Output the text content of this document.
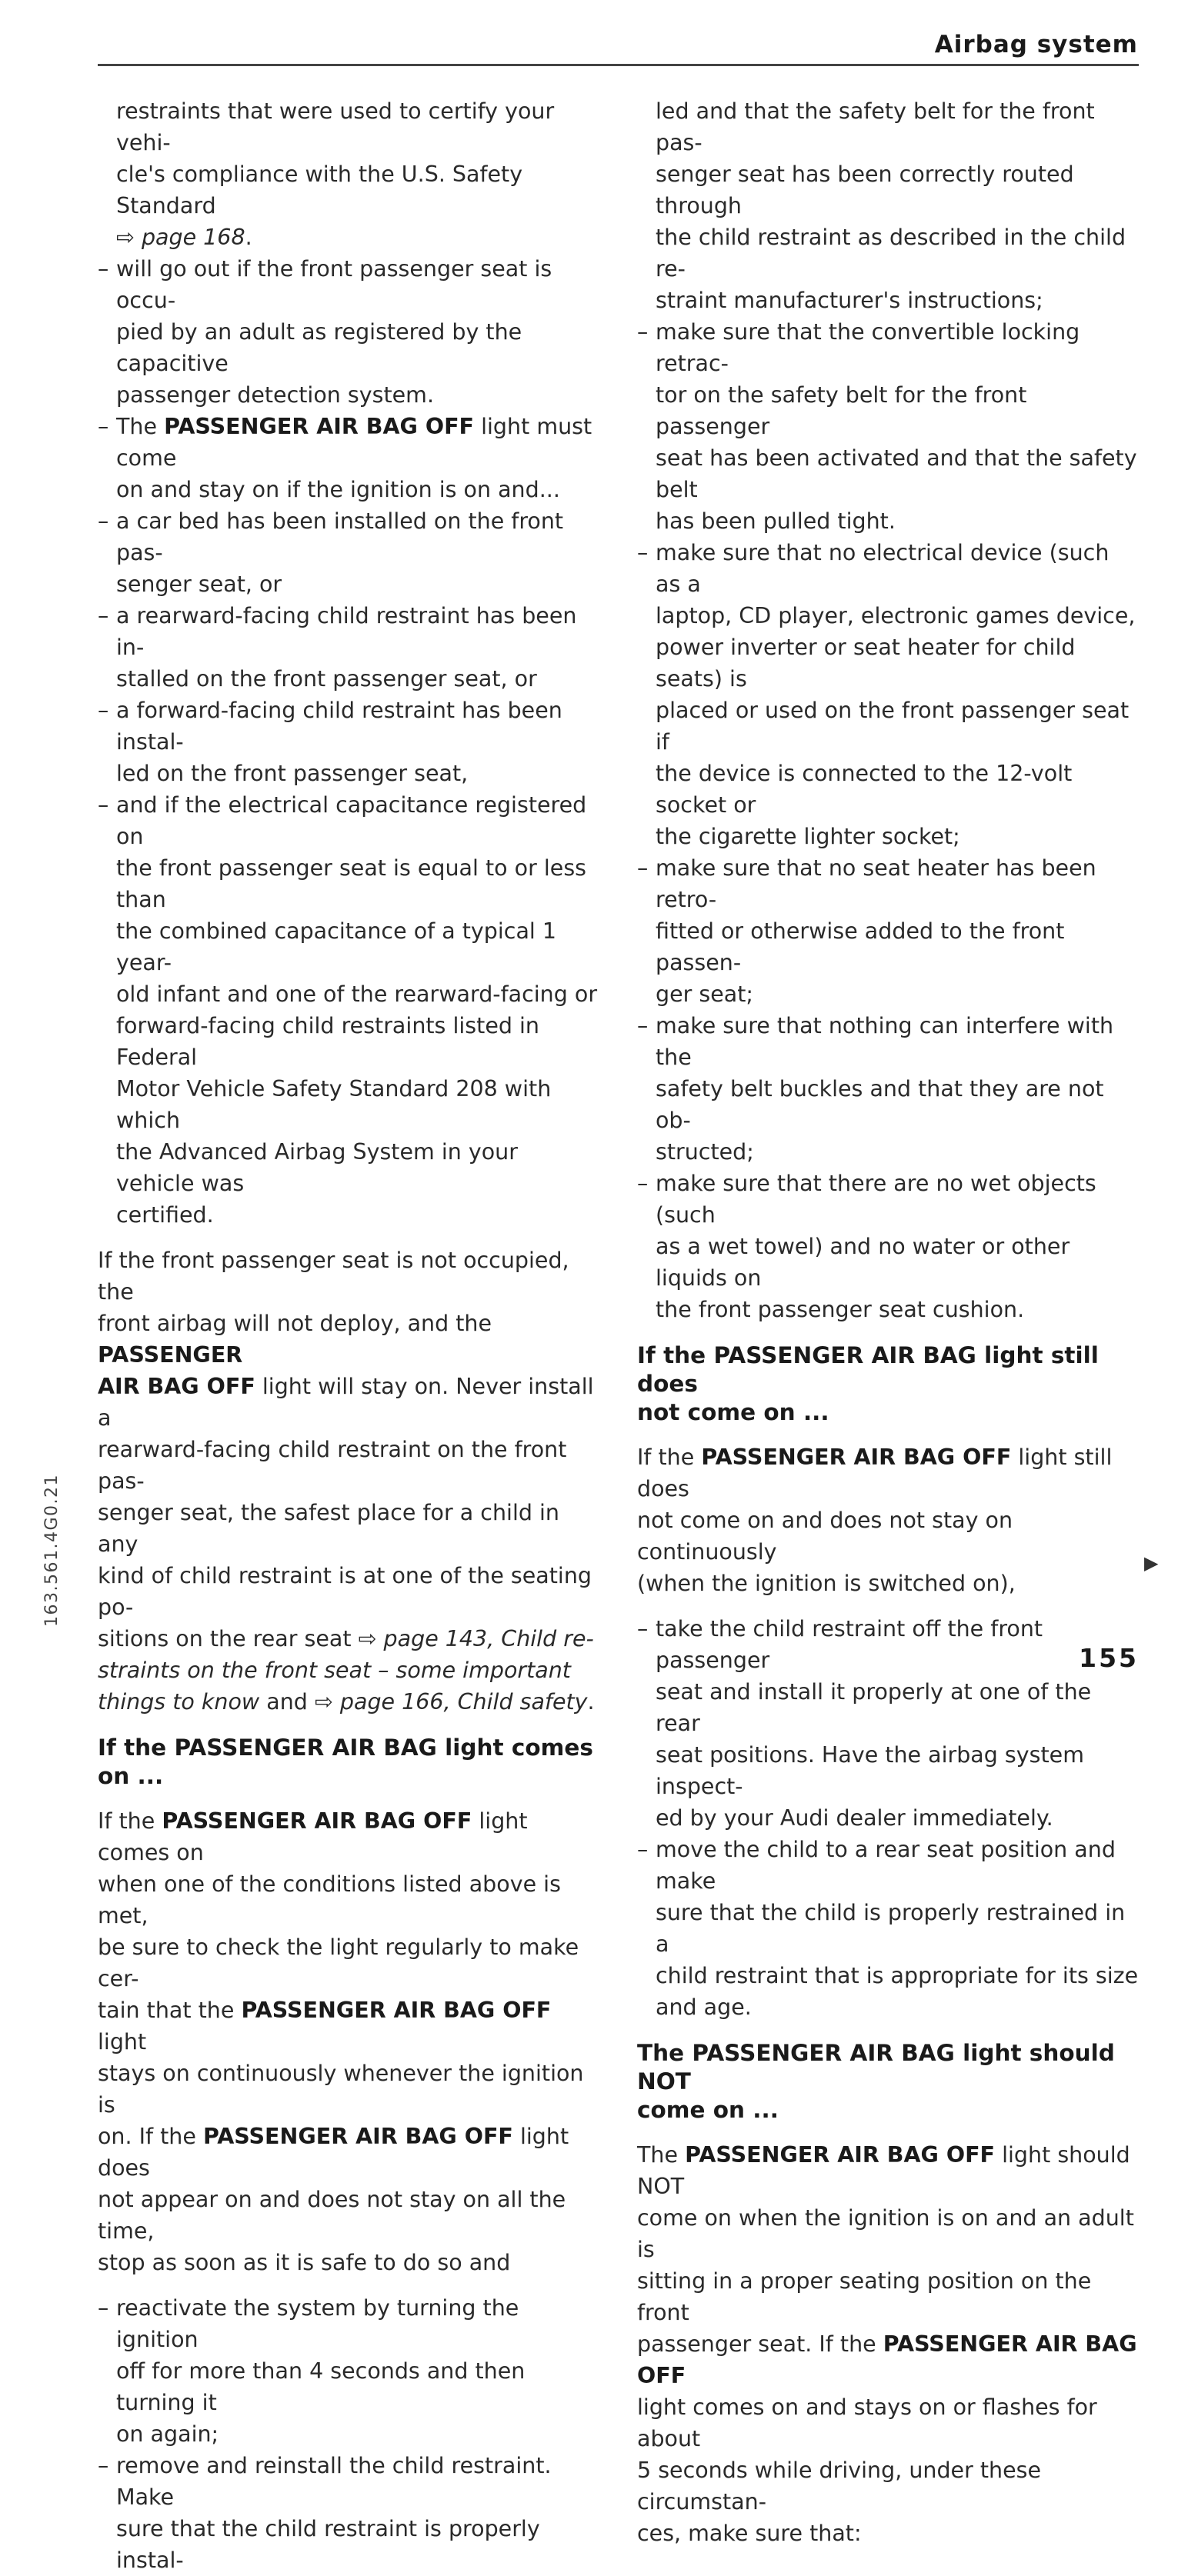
Airbag system
restraints that were used to certify your vehi-
cle's compliance with the U.S. Safety Standard
⇨ page 168.
– will go out if the front passenger seat is occu-
pied by an adult as registered by the capacitive
passenger detection system.
– The PASSENGER AIR BAG OFF light must come
on and stay on if the ignition is on and...
– a car bed has been installed on the front pas-
senger seat, or
– a rearward-facing child restraint has been in-
stalled on the front passenger seat, or
– a forward-facing child restraint has been instal-
led on the front passenger seat,
– and if the electrical capacitance registered on
the front passenger seat is equal to or less than
the combined capacitance of a typical 1 year-
old infant and one of the rearward-facing or
forward-facing child restraints listed in Federal
Motor Vehicle Safety Standard 208 with which
the Advanced Airbag System in your vehicle was
certified.

If the front passenger seat is not occupied, the
front airbag will not deploy, and the PASSENGER
AIR BAG OFF light will stay on. Never install a
rearward-facing child restraint on the front pas-
senger seat, the safest place for a child in any
kind of child restraint is at one of the seating po-
sitions on the rear seat ⇨ page 143, Child re-
straints on the front seat – some important
things to know and ⇨ page 166, Child safety.

If the PASSENGER AIR BAG light comes
on ...

If the PASSENGER AIR BAG OFF light comes on
when one of the conditions listed above is met,
be sure to check the light regularly to make cer-
tain that the PASSENGER AIR BAG OFF light
stays on continuously whenever the ignition is
on. If the PASSENGER AIR BAG OFF light does
not appear on and does not stay on all the time,
stop as soon as it is safe to do so and

– reactivate the system by turning the ignition
off for more than 4 seconds and then turning it
on again;
– remove and reinstall the child restraint. Make
sure that the child restraint is properly instal-
led and that the safety belt for the front pas-
senger seat has been correctly routed through
the child restraint as described in the child re-
straint manufacturer's instructions;
– make sure that the convertible locking retrac-
tor on the safety belt for the front passenger
seat has been activated and that the safety belt
has been pulled tight.
– make sure that no electrical device (such as a
laptop, CD player, electronic games device,
power inverter or seat heater for child seats) is
placed or used on the front passenger seat if
the device is connected to the 12-volt socket or
the cigarette lighter socket;
– make sure that no seat heater has been retro-
fitted or otherwise added to the front passen-
ger seat;
– make sure that nothing can interfere with the
safety belt buckles and that they are not ob-
structed;
– make sure that there are no wet objects (such
as a wet towel) and no water or other liquids on
the front passenger seat cushion.
If the PASSENGER AIR BAG light still does
not come on ...

If the PASSENGER AIR BAG OFF light still does
not come on and does not stay on continuously
(when the ignition is switched on),

– take the child restraint off the front passenger
seat and install it properly at one of the rear
seat positions. Have the airbag system inspect-
ed by your Audi dealer immediately.
– move the child to a rear seat position and make
sure that the child is properly restrained in a
child restraint that is appropriate for its size
and age.
The PASSENGER AIR BAG light should NOT
come on ...

The PASSENGER AIR BAG OFF light should NOT
come on when the ignition is on and an adult is
sitting in a proper seating position on the front
passenger seat. If the PASSENGER AIR BAG OFF
light comes on and stays on or flashes for about
5 seconds while driving, under these circumstan-
ces, make sure that:

▶
163.561.4G0.21
155
